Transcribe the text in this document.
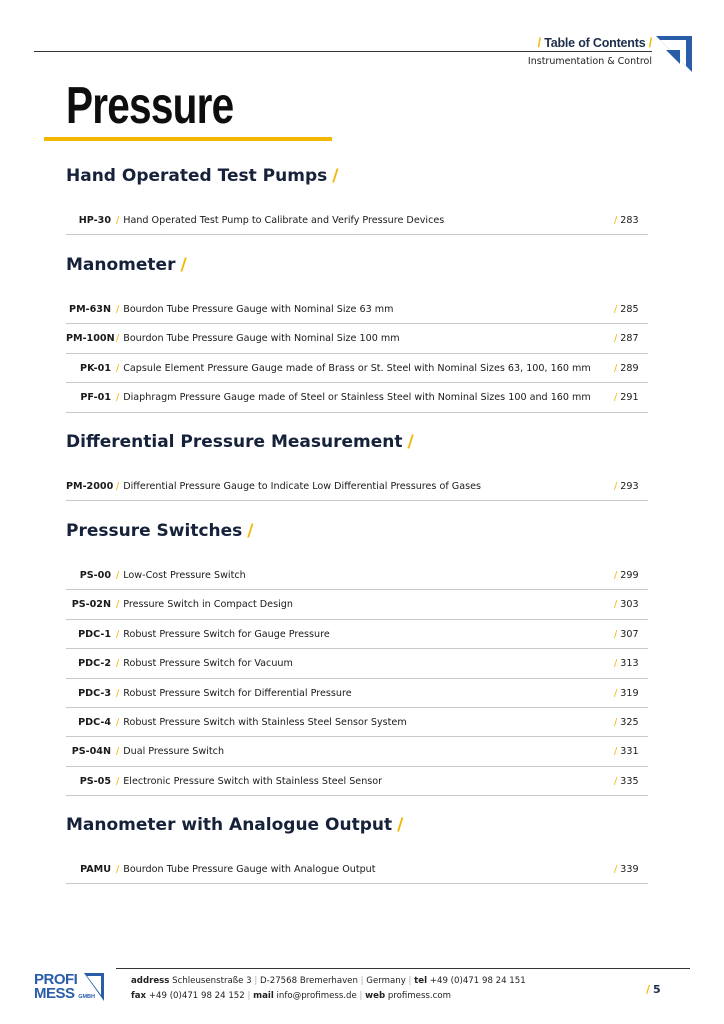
/ Table of Contents /
Instrumentation & Control
Pressure
Hand Operated Test Pumps /
HP-30 / Hand Operated Test Pump to Calibrate and Verify Pressure Devices	/ 283
Manometer /
PM-63N / Bourdon Tube Pressure Gauge with Nominal Size 63 mm	/ 285
PM-100N / Bourdon Tube Pressure Gauge with Nominal Size 100 mm	/ 287
PK-01 / Capsule Element Pressure Gauge made of Brass or St. Steel with Nominal Sizes 63, 100, 160 mm / 289
PF-01 / Diaphragm Pressure Gauge made of Steel or Stainless Steel with Nominal Sizes 100 and 160 mm / 291
Differential Pressure Measurement /
PM-2000 / Differential Pressure Gauge to Indicate Low Differential Pressures of Gases	/ 293
Pressure Switches /
PS-00 / Low-Cost Pressure Switch	/ 299
PS-02N / Pressure Switch in Compact Design	/ 303
PDC-1 / Robust Pressure Switch for Gauge Pressure	/ 307
PDC-2 / Robust Pressure Switch for Vacuum	/ 313
PDC-3 / Robust Pressure Switch for Differential Pressure	/ 319
PDC-4 / Robust Pressure Switch with Stainless Steel Sensor System	/ 325
PS-04N / Dual Pressure Switch	/ 331
PS-05 / Electronic Pressure Switch with Stainless Steel Sensor	/ 335
Manometer with Analogue Output /
PAMU / Bourdon Tube Pressure Gauge with Analogue Output	/ 339
PROFI
MESS GMBH
address Schleusenstraße 3 | D-27568 Bremerhaven | Germany | tel +49 (0)471 98 24 151
fax +49 (0)471 98 24 152 | mail info@profimess.de | web profimess.com	/ 5
